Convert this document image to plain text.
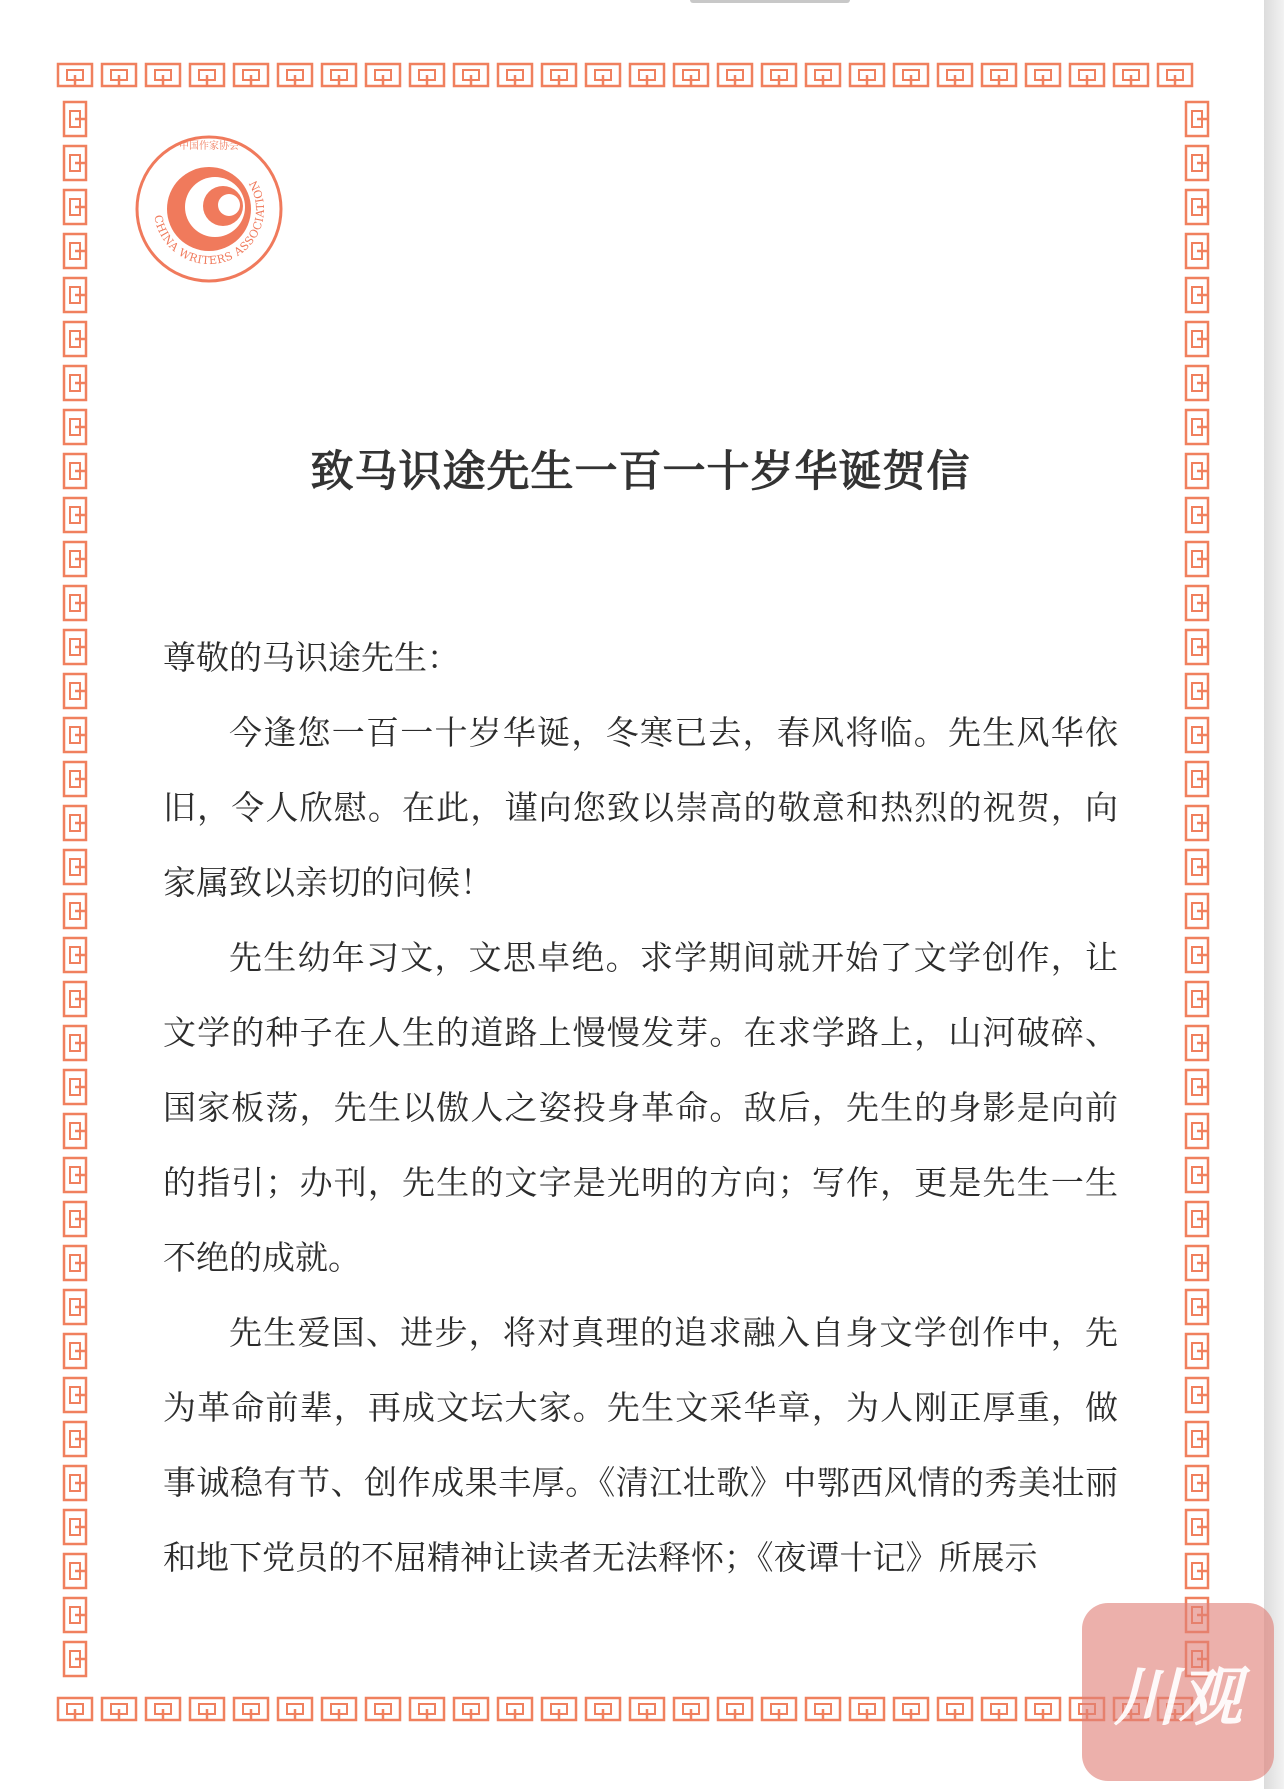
CHINA WRITERS ASSOCIATION
中国作家协会
致马识途先生一百一十岁华诞贺信

尊敬的马识途先生：

今逢您一百一十岁华诞，冬寒已去，春风将临。先生风华依旧，令人欣慰。在此，谨向您致以崇高的敬意和热烈的祝贺，向家属致以亲切的问候！

先生幼年习文，文思卓绝。求学期间就开始了文学创作，让文学的种子在人生的道路上慢慢发芽。在求学路上，山河破碎、国家板荡，先生以傲人之姿投身革命。敌后，先生的身影是向前的指引；办刊，先生的文字是光明的方向；写作，更是先生一生不绝的成就。

先生爱国、进步，将对真理的追求融入自身文学创作中，先为革命前辈，再成文坛大家。先生文采华章，为人刚正厚重，做事诚稳有节、创作成果丰厚。《清江壮歌》中鄂西风情的秀美壮丽和地下党员的不屈精神让读者无法释怀；《夜谭十记》所展示

川观
